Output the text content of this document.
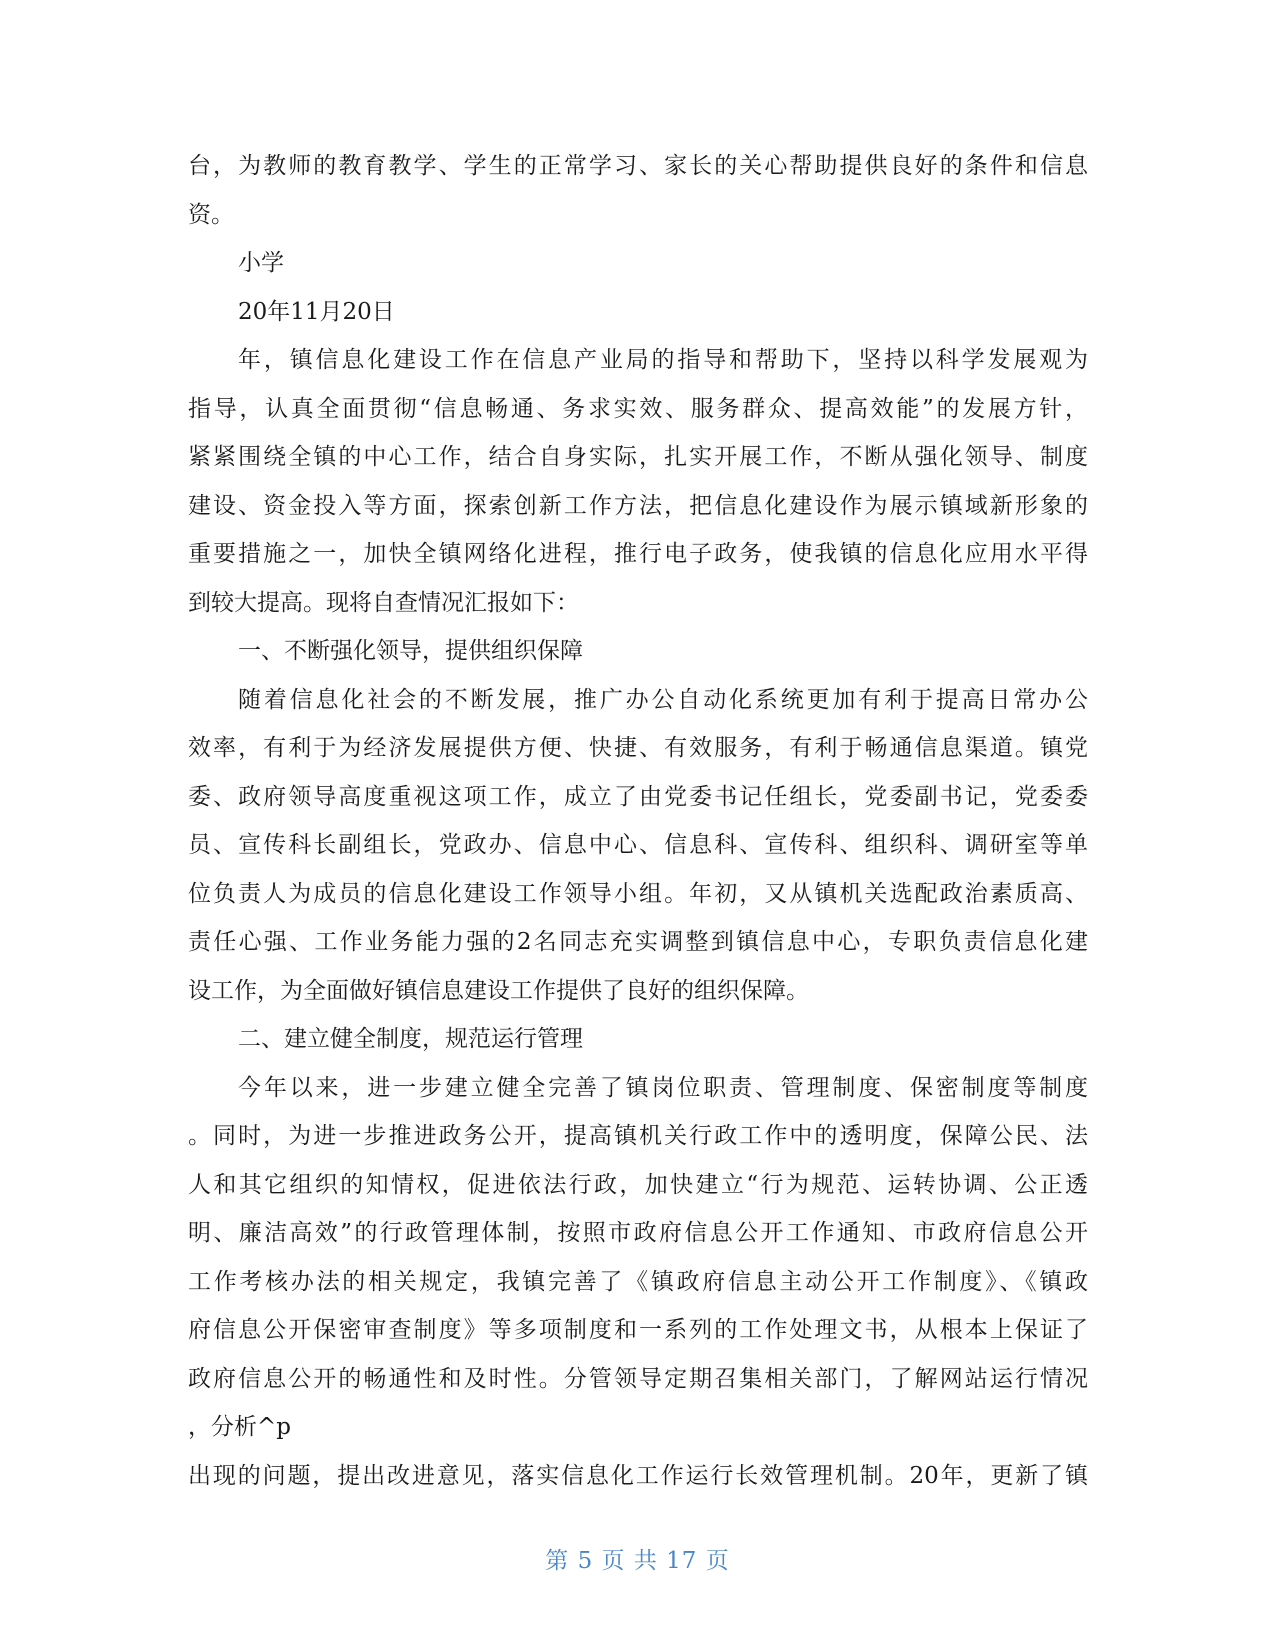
台，为教师的教育教学、学生的正常学习、家长的关心帮助提供良好的条件和信息
资。
小学
20年11月20日
年，镇信息化建设工作在信息产业局的指导和帮助下，坚持以科学发展观为
指导，认真全面贯彻“信息畅通、务求实效、服务群众、提高效能”的发展方针，
紧紧围绕全镇的中心工作，结合自身实际，扎实开展工作，不断从强化领导、制度
建设、资金投入等方面，探索创新工作方法，把信息化建设作为展示镇域新形象的
重要措施之一，加快全镇网络化进程，推行电子政务，使我镇的信息化应用水平得
到较大提高。现将自查情况汇报如下：
一、不断强化领导，提供组织保障
随着信息化社会的不断发展，推广办公自动化系统更加有利于提高日常办公
效率，有利于为经济发展提供方便、快捷、有效服务，有利于畅通信息渠道。镇党
委、政府领导高度重视这项工作，成立了由党委书记任组长，党委副书记，党委委
员、宣传科长副组长，党政办、信息中心、信息科、宣传科、组织科、调研室等单
位负责人为成员的信息化建设工作领导小组。年初，又从镇机关选配政治素质高、
责任心强、工作业务能力强的2名同志充实调整到镇信息中心，专职负责信息化建
设工作，为全面做好镇信息建设工作提供了良好的组织保障。
二、建立健全制度，规范运行管理
今年以来，进一步建立健全完善了镇岗位职责、管理制度、保密制度等制度
。同时，为进一步推进政务公开，提高镇机关行政工作中的透明度，保障公民、法
人和其它组织的知情权，促进依法行政，加快建立“行为规范、运转协调、公正透
明、廉洁高效”的行政管理体制，按照市政府信息公开工作通知、市政府信息公开
工作考核办法的相关规定，我镇完善了《镇政府信息主动公开工作制度》、《镇政
府信息公开保密审查制度》等多项制度和一系列的工作处理文书，从根本上保证了
政府信息公开的畅通性和及时性。分管领导定期召集相关部门，了解网站运行情况
，分析^p
出现的问题，提出改进意见，落实信息化工作运行长效管理机制。20年，更新了镇
第 5 页 共 17 页
